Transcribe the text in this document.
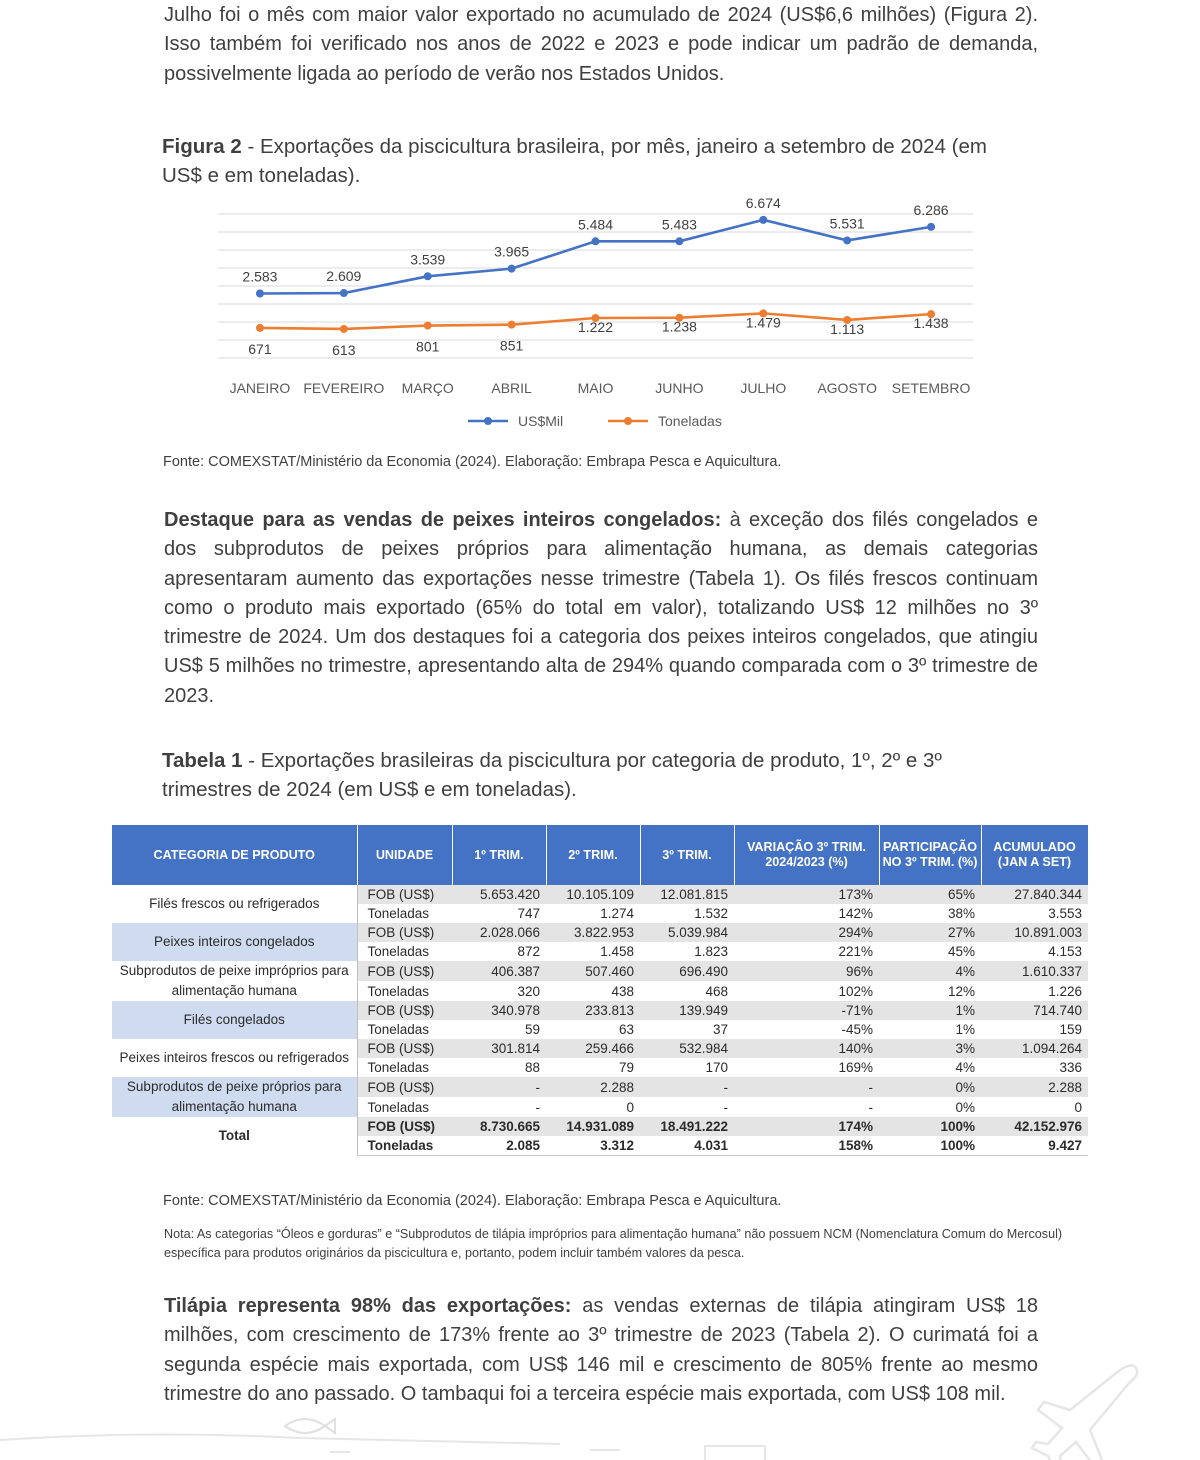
Julho foi o mês com maior valor exportado no acumulado de 2024 (US$6,6 milhões) (Figura 2). Isso também foi verificado nos anos de 2022 e 2023 e pode indicar um padrão de demanda, possivelmente ligada ao período de verão nos Estados Unidos.

Figura 2 - Exportações da piscicultura brasileira, por mês, janeiro a setembro de 2024 (em US$ e em toneladas).
JANEIRO FEVEREIRO MARÇO	ABRIL	MAIO	JUNHO	JULHO AGOSTO SETEMBRO
2.583	2.609
3.539	3.965
5.484	5.483
6.674
5.531
6.286
671	613	801	851
1.222	1.238	1.479	1.113	1.438
US$Mil	Toneladas
Fonte: COMEXSTAT/Ministério da Economia (2024). Elaboração: Embrapa Pesca e Aquicultura.

Destaque para as vendas de peixes inteiros congelados: à exceção dos filés congelados e dos subprodutos de peixes próprios para alimentação humana, as demais categorias apresentaram aumento das exportações nesse trimestre (Tabela 1). Os filés frescos continuam como o produto mais exportado (65% do total em valor), totalizando US$ 12 milhões no 3º trimestre de 2024. Um dos destaques foi a categoria dos peixes inteiros congelados, que atingiu US$ 5 milhões no trimestre, apresentando alta de 294% quando comparada com o 3º trimestre de 2023.

Tabela 1 - Exportações brasileiras da piscicultura por categoria de produto, 1º, 2º e 3º trimestres de 2024 (em US$ e em toneladas).
CATEGORIA DE PRODUTO	UNIDADE	1º TRIM.	2º TRIM.	3º TRIM.	VARIAÇÃO 3º TRIM. 2024/2023 (%)	PARTICIPAÇÃO NO 3º TRIM. (%)	ACUMULADO (JAN A SET)
Filés frescos ou refrigerados	FOB (US$)	5.653.420	10.105.109	12.081.815	173%	65%	27.840.344
	Toneladas	747	1.274	1.532	142%	38%	3.553
Peixes inteiros congelados	FOB (US$)	2.028.066	3.822.953	5.039.984	294%	27%	10.891.003
	Toneladas	872	1.458	1.823	221%	45%	4.153
Subprodutos de peixe impróprios para alimentação humana	FOB (US$)	406.387	507.460	696.490	96%	4%	1.610.337
	Toneladas	320	438	468	102%	12%	1.226
Filés congelados	FOB (US$)	340.978	233.813	139.949	-71%	1%	714.740
	Toneladas	59	63	37	-45%	1%	159
Peixes inteiros frescos ou refrigerados	FOB (US$)	301.814	259.466	532.984	140%	3%	1.094.264
	Toneladas	88	79	170	169%	4%	336
Subprodutos de peixe próprios para alimentação humana	FOB (US$)	-	2.288	-	-	0%	2.288
	Toneladas	-	0	-	-	0%	0
Total	FOB (US$)	8.730.665	14.931.089	18.491.222	174%	100%	42.152.976
	Toneladas	2.085	3.312	4.031	158%	100%	9.427
Fonte: COMEXSTAT/Ministério da Economia (2024). Elaboração: Embrapa Pesca e Aquicultura.
Nota: As categorias “Óleos e gorduras” e “Subprodutos de tilápia impróprios para alimentação humana” não possuem NCM (Nomenclatura Comum do Mercosul) específica para produtos originários da piscicultura e, portanto, podem incluir também valores da pesca.

Tilápia representa 98% das exportações: as vendas externas de tilápia atingiram US$ 18 milhões, com crescimento de 173% frente ao 3º trimestre de 2023 (Tabela 2). O curimatá foi a segunda espécie mais exportada, com US$ 146 mil e crescimento de 805% frente ao mesmo trimestre do ano passado. O tambaqui foi a terceira espécie mais exportada, com US$ 108 mil.
